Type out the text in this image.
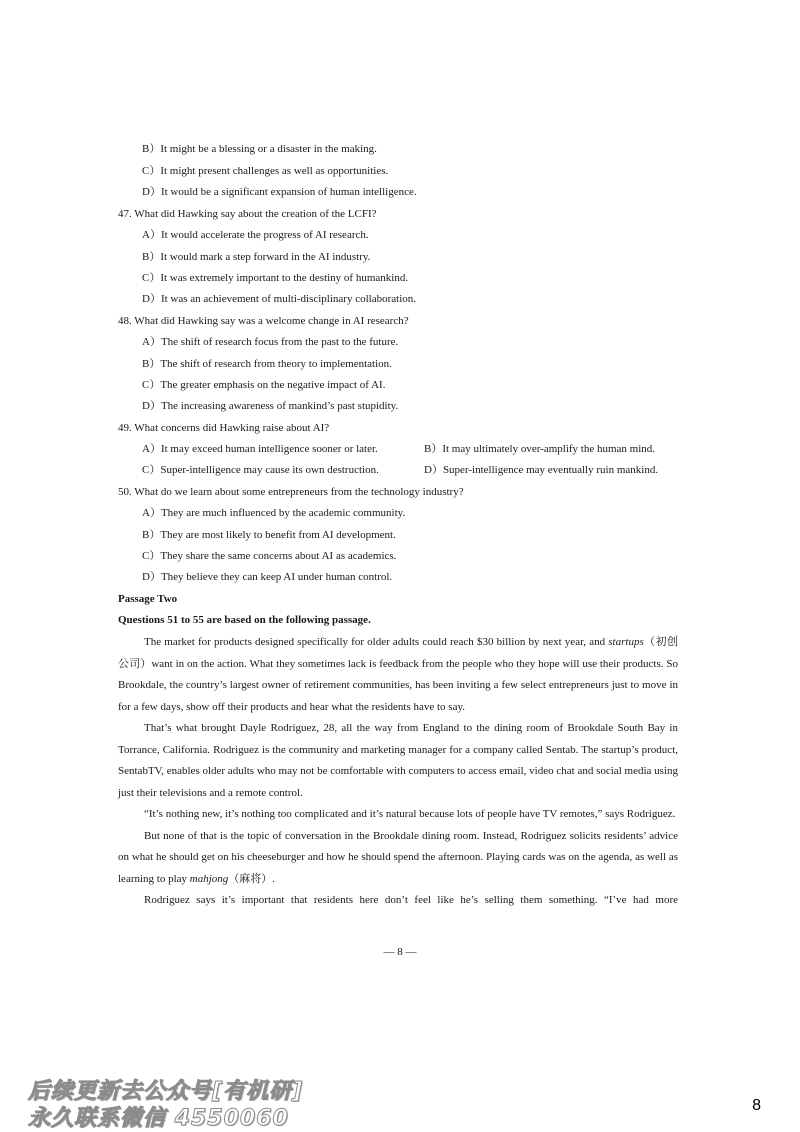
B）It might be a blessing or a disaster in the making.
C）It might present challenges as well as opportunities.
D）It would be a significant expansion of human intelligence.
47. What did Hawking say about the creation of the LCFI?
A）It would accelerate the progress of AI research.
B）It would mark a step forward in the AI industry.
C）It was extremely important to the destiny of humankind.
D）It was an achievement of multi-disciplinary collaboration.
48. What did Hawking say was a welcome change in AI research?
A）The shift of research focus from the past to the future.
B）The shift of research from theory to implementation.
C）The greater emphasis on the negative impact of AI.
D）The increasing awareness of mankind’s past stupidity.
49. What concerns did Hawking raise about AI?
A）It may exceed human intelligence sooner or later.	B）It may ultimately over-amplify the human mind.
C）Super-intelligence may cause its own destruction.	D）Super-intelligence may eventually ruin mankind.
50. What do we learn about some entrepreneurs from the technology industry?
A）They are much influenced by the academic community.
B）They are most likely to benefit from AI development.
C）They share the same concerns about AI as academics.
D）They believe they can keep AI under human control.
Passage Two
Questions 51 to 55 are based on the following passage.

The market for products designed specifically for older adults could reach $30 billion by next year, and startups（初创公司）want in on the action. What they sometimes lack is feedback from the people who they hope will use their products. So Brookdale, the country’s largest owner of retirement communities, has been inviting a few select entrepreneurs just to move in for a few days, show off their products and hear what the residents have to say.

That’s what brought Dayle Rodriguez, 28, all the way from England to the dining room of Brookdale South Bay in Torrance, California. Rodriguez is the community and marketing manager for a company called Sentab. The startup’s product, SentabTV, enables older adults who may not be comfortable with computers to access email, video chat and social media using just their televisions and a remote control.

“It’s nothing new, it’s nothing too complicated and it’s natural because lots of people have TV remotes,” says Rodriguez.

But none of that is the topic of conversation in the Brookdale dining room. Instead, Rodriguez solicits residents’ advice on what he should get on his cheeseburger and how he should spend the afternoon. Playing cards was on the agenda, as well as learning to play mahjong（麻将）.

Rodriguez says it’s important that residents here don’t feel like he’s selling them something. “I’ve had more

— 8 —
后续更新去公众号[有机研]
永久联系微信 4550060
8
